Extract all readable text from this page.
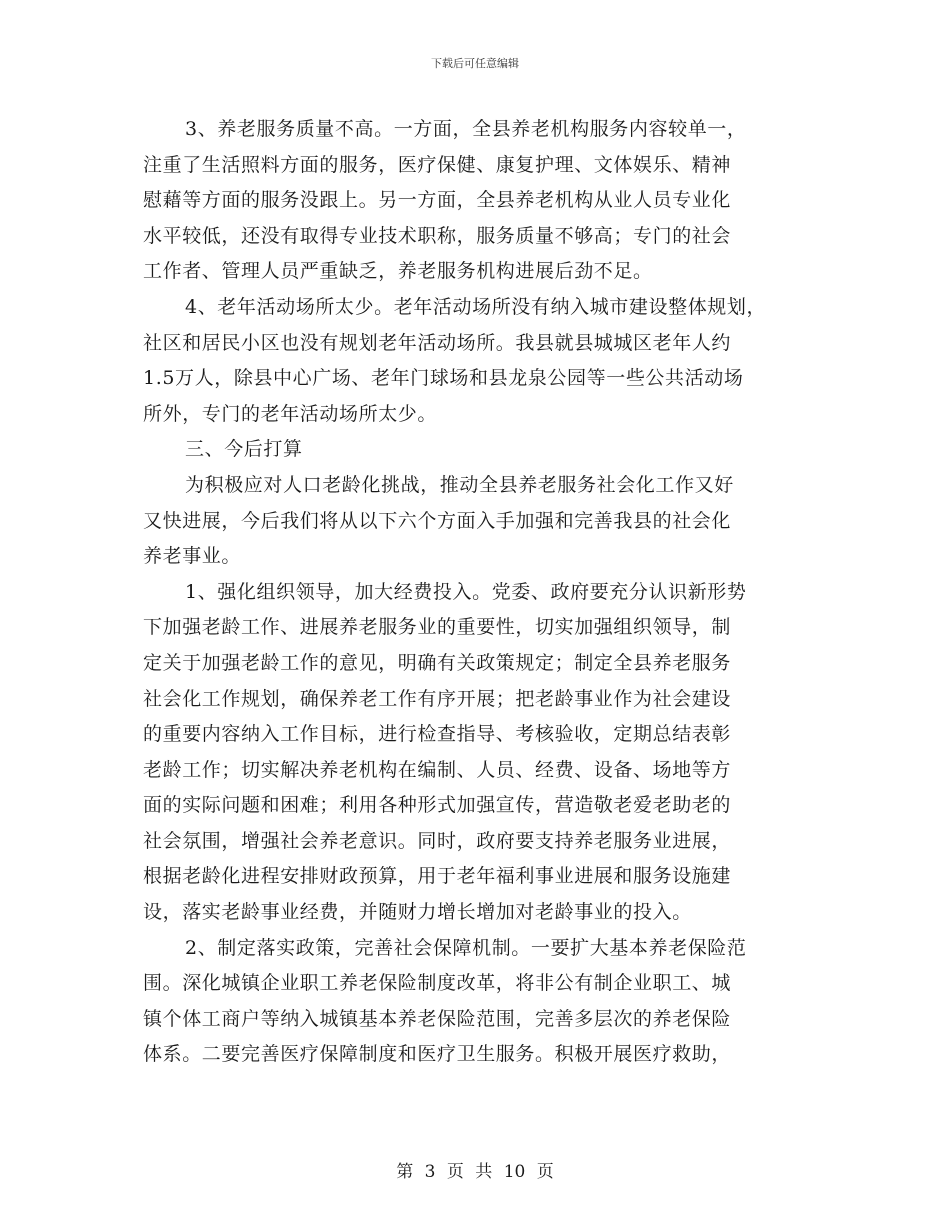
下载后可任意编辑
3、养老服务质量不高。一方面，全县养老机构服务内容较单一，
注重了生活照料方面的服务，医疗保健、康复护理、文体娱乐、精神
慰藉等方面的服务没跟上。另一方面，全县养老机构从业人员专业化
水平较低，还没有取得专业技术职称，服务质量不够高；专门的社会
工作者、管理人员严重缺乏，养老服务机构进展后劲不足。
4、老年活动场所太少。老年活动场所没有纳入城市建设整体规划，
社区和居民小区也没有规划老年活动场所。我县就县城城区老年人约
1.5万人，除县中心广场、老年门球场和县龙泉公园等一些公共活动场
所外，专门的老年活动场所太少。
三、今后打算
为积极应对人口老龄化挑战，推动全县养老服务社会化工作又好
又快进展，今后我们将从以下六个方面入手加强和完善我县的社会化
养老事业。
1、强化组织领导，加大经费投入。党委、政府要充分认识新形势
下加强老龄工作、进展养老服务业的重要性，切实加强组织领导，制
定关于加强老龄工作的意见，明确有关政策规定；制定全县养老服务
社会化工作规划，确保养老工作有序开展；把老龄事业作为社会建设
的重要内容纳入工作目标，进行检查指导、考核验收，定期总结表彰
老龄工作；切实解决养老机构在编制、人员、经费、设备、场地等方
面的实际问题和困难；利用各种形式加强宣传，营造敬老爱老助老的
社会氛围，增强社会养老意识。同时，政府要支持养老服务业进展，
根据老龄化进程安排财政预算，用于老年福利事业进展和服务设施建
设，落实老龄事业经费，并随财力增长增加对老龄事业的投入。
2、制定落实政策，完善社会保障机制。一要扩大基本养老保险范
围。深化城镇企业职工养老保险制度改革，将非公有制企业职工、城
镇个体工商户等纳入城镇基本养老保险范围，完善多层次的养老保险
体系。二要完善医疗保障制度和医疗卫生服务。积极开展医疗救助，
第 3 页 共 10 页
